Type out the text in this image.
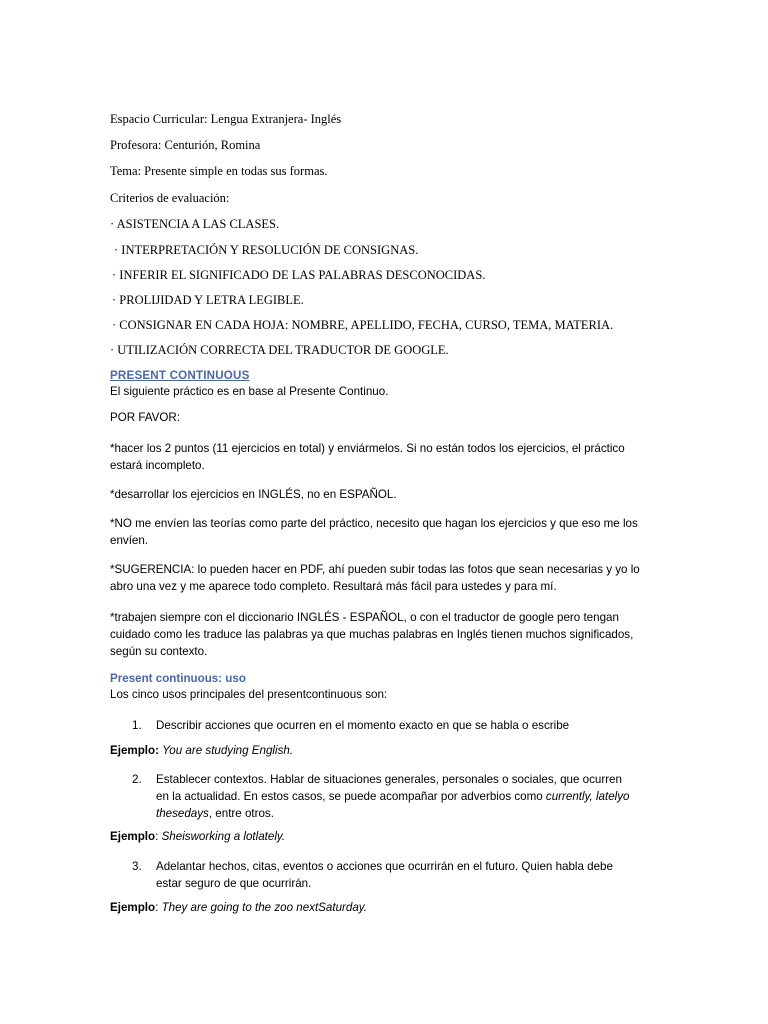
Espacio Curricular: Lengua Extranjera- Inglés
Profesora: Centurión, Romina
Tema: Presente simple en todas sus formas.
Criterios de evaluación:
· ASISTENCIA A LAS CLASES.
· INTERPRETACIÓN Y RESOLUCIÓN DE CONSIGNAS.
· INFERIR EL SIGNIFICADO DE LAS PALABRAS DESCONOCIDAS.
· PROLIJIDAD Y LETRA LEGIBLE.
· CONSIGNAR EN CADA HOJA: NOMBRE, APELLIDO, FECHA, CURSO, TEMA, MATERIA.
· UTILIZACIÓN CORRECTA DEL TRADUCTOR DE GOOGLE.
PRESENT CONTINUOUS
El siguiente práctico es en base al Presente Continuo.
POR FAVOR:
*hacer los 2 puntos (11 ejercicios en total) y enviármelos. Si no están todos los ejercicios, el práctico estará incompleto.
*desarrollar los ejercicios en INGLÉS, no en ESPAÑOL.
*NO me envíen las teorías como parte del práctico, necesito que hagan los ejercicios y que eso me los envíen.
*SUGERENCIA: lo pueden hacer en PDF, ahí pueden subir todas las fotos que sean necesarias y yo lo abro una vez y me aparece todo completo. Resultará más fácil para ustedes y para mí.
*trabajen siempre con el diccionario INGLÉS - ESPAÑOL, o con el traductor de google pero tengan cuidado como les traduce las palabras ya que muchas palabras en Inglés tienen muchos significados, según su contexto.
Present continuous: uso
Los cinco usos principales del presentcontinuous son:
1. Describir acciones que ocurren en el momento exacto en que se habla o escribe
Ejemplo: You are studying English.
2. Establecer contextos. Hablar de situaciones generales, personales o sociales, que ocurren en la actualidad. En estos casos, se puede acompañar por adverbios como currently, latelyo thesedays, entre otros.
Ejemplo: Sheisworking a lotlately.
3. Adelantar hechos, citas, eventos o acciones que ocurrirán en el futuro. Quien habla debe estar seguro de que ocurrirán.
Ejemplo: They are going to the zoo nextSaturday.
